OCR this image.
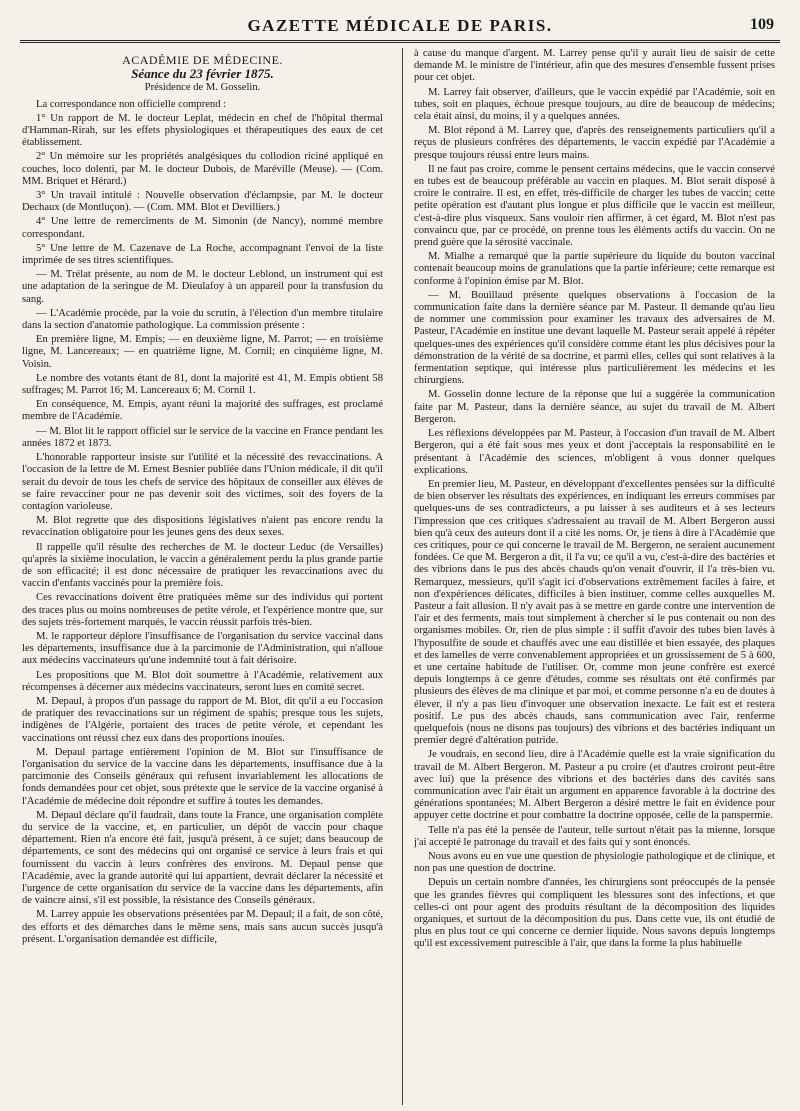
GAZETTE MÉDICALE DE PARIS.	109
ACADÉMIE DE MÉDECINE.
Séance du 23 février 1875.
Présidence de M. Gosselin.

La correspondance non officielle comprend :

1° Un rapport de M. le docteur Leplat, médecin en chef de l'hôpital thermal d'Hamman-Rirah, sur les effets physiologiques et thérapeutiques des eaux de cet établissement.

2° Un mémoire sur les propriétés analgésiques du collodion riciné appliqué en couches, loco dolenti, par M. le docteur Dubois, de Maréville (Meuse). — (Com. MM. Briquet et Hérard.)

3° Un travail intitulé : Nouvelle observation d'éclampsie, par M. le docteur Dechaux (de Montluçon). — (Com. MM. Blot et Devilliers.)

4° Une lettre de remercîments de M. Simonin (de Nancy), nommé membre correspondant.

5° Une lettre de M. Cazenave de La Roche, accompagnant l'envoi de la liste imprimée de ses titres scientifiques.

— M. Trélat présente, au nom de M. le docteur Leblond, un instrument qui est une adaptation de la seringue de M. Dieulafoy à un appareil pour la transfusion du sang.

— L'Académie procède, par la voie du scrutin, à l'élection d'un membre titulaire dans la section d'anatomie pathologique. La commission présente :

En première ligne, M. Empis; — en deuxième ligne, M. Parrot; — en troisième ligne, M. Lancereaux; — en quatrième ligne, M. Cornil; en cinquième ligne, M. Voisin.

Le nombre des votants étant de 81, dont la majorité est 41, M. Empis obtient 58 suffrages; M. Parrot 16; M. Lancereaux 6; M. Cornil 1.

En conséquence, M. Empis, ayant réuni la majorité des suffrages, est proclamé membre de l'Académie.

— M. Blot lit le rapport officiel sur le service de la vaccine en France pendant les années 1872 et 1873.

L'honorable rapporteur insiste sur l'utilité et la nécessité des revaccinations. A l'occasion de la lettre de M. Ernest Besnier publiée dans l'Union médicale, il dit qu'il serait du devoir de tous les chefs de service des hôpitaux de conseiller aux élèves de se faire revacciner pour ne pas devenir soit des victimes, soit des foyers de la contagion varioleuse.

M. Blot regrette que des dispositions législatives n'aient pas encore rendu la revaccination obligatoire pour les jeunes gens des deux sexes.

Il rappelle qu'il résulte des recherches de M. le docteur Leduc (de Versailles) qu'après la sixième inoculation, le vaccin a généralement perdu la plus grande partie de son efficacité; il est donc nécessaire de pratiquer les revaccinations avec du vaccin d'enfants vaccinés pour la première fois.

Ces revaccinations doivent être pratiquées même sur des individus qui portent des traces plus ou moins nombreuses de petite vérole, et l'expérience montre que, sur des sujets très-fortement marqués, le vaccin réussit parfois très-bien.

M. le rapporteur déplore l'insuffisance de l'organisation du service vaccinal dans les départements, insuffisance due à la parcimonie de l'Administration, qui n'alloue aux médecins vaccinateurs qu'une indemnité tout à fait dérisoire.

Les propositions que M. Blot doit soumettre à l'Académie, relativement aux récompenses à décerner aux médecins vaccinateurs, seront lues en comité secret.

M. Depaul, à propos d'un passage du rapport de M. Blot, dit qu'il a eu l'occasion de pratiquer des revaccinations sur un régiment de spahis; presque tous les sujets, indigènes de l'Algérie, portaient des traces de petite vérole, et cependant les vaccinations ont réussi chez eux dans des proportions inouïes.

M. Depaul partage entièrement l'opinion de M. Blot sur l'insuffisance de l'organisation du service de la vaccine dans les départements, insuffisance due à la parcimonie des Conseils généraux qui refusent invariablement les allocations de fonds demandées pour cet objet, sous prétexte que le service de la vaccine organisé à l'Académie de médecine doit répondre et suffire à toutes les demandes.

M. Depaul déclare qu'il faudrait, dans toute la France, une organisation complète du service de la vaccine, et, en particulier, un dépôt de vaccin pour chaque département. Rien n'a encore été fait, jusqu'à présent, à ce sujet; dans beaucoup de départements, ce sont des médecins qui ont organisé ce service à leurs frais et qui fournissent du vaccin à leurs confrères des environs. M. Depaul pense que l'Académie, avec la grande autorité qui lui appartient, devrait déclarer la nécessité et l'urgence de cette organisation du service de la vaccine dans les départements, afin de vaincre ainsi, s'il est possible, la résistance des Conseils généraux.

M. Larrey appuie les observations présentées par M. Depaul; il a fait, de son côté, des efforts et des démarches dans le même sens, mais sans aucun succès jusqu'à présent. L'organisation demandée est difficile,

à cause du manque d'argent. M. Larrey pense qu'il y aurait lieu de saisir de cette demande M. le ministre de l'intérieur, afin que des mesures d'ensemble fussent prises pour cet objet.

M. Larrey fait observer, d'ailleurs, que le vaccin expédié par l'Académie, soit en tubes, soit en plaques, échoue presque toujours, au dire de beaucoup de médecins; cela était ainsi, du moins, il y a quelques années.

M. Blot répond à M. Larrey que, d'après des renseignements particuliers qu'il a reçus de plusieurs confrères des départements, le vaccin expédié par l'Académie a presque toujours réussi entre leurs mains.

Il ne faut pas croire, comme le pensent certains médecins, que le vaccin conservé en tubes est de beaucoup préférable au vaccin en plaques. M. Blot serait disposé à croire le contraire. Il est, en effet, très-difficile de charger les tubes de vaccin; cette petite opération est d'autant plus longue et plus difficile que le vaccin est meilleur, c'est-à-dire plus visqueux. Sans vouloir rien affirmer, à cet égard, M. Blot n'est pas convaincu que, par ce procédé, on prenne tous les éléments actifs du vaccin. On ne prend guère que la sérosité vaccinale.

M. Mialhe a remarqué que la partie supérieure du liquide du bouton vaccinal contenait beaucoup moins de granulations que la partie inférieure; cette remarque est conforme à l'opinion émise par M. Blot.

— M. Bouillaud présente quelques observations à l'occasion de la communication faite dans la dernière séance par M. Pasteur. Il demande qu'au lieu de nommer une commission pour examiner les travaux des adversaires de M. Pasteur, l'Académie en institue une devant laquelle M. Pasteur serait appelé à répéter quelques-unes des expériences qu'il considère comme étant les plus décisives pour la démonstration de la vérité de sa doctrine, et parmi elles, celles qui sont relatives à la fermentation septique, qui intéresse plus particulièrement les médecins et les chirurgiens.

M. Gosselin donne lecture de la réponse que lui a suggérée la communication faite par M. Pasteur, dans la dernière séance, au sujet du travail de M. Albert Bergeron.

Les réflexions développées par M. Pasteur, à l'occasion d'un travail de M. Albert Bergeron, qui a été fait sous mes yeux et dont j'acceptais la responsabilité en le présentant à l'Académie des sciences, m'obligent à vous donner quelques explications.

En premier lieu, M. Pasteur, en développant d'excellentes pensées sur la difficulté de bien observer les résultats des expériences, en indiquant les erreurs commises par quelques-uns de ses contradicteurs, a pu laisser à ses auditeurs et à ses lecteurs l'impression que ces critiques s'adressaient au travail de M. Albert Bergeron aussi bien qu'à ceux des auteurs dont il a cité les noms. Or, je tiens à dire à l'Académie que ces critiques, pour ce qui concerne le travail de M. Bergeron, ne seraient aucunement fondées. Ce que M. Bergeron a dit, il l'a vu; ce qu'il a vu, c'est-à-dire des bactéries et des vibrions dans le pus des abcès chauds qu'on venait d'ouvrir, il l'a très-bien vu. Remarquez, messieurs, qu'il s'agit ici d'observations extrêmement faciles à faire, et non d'expériences délicates, difficiles à bien instituer, comme celles auxquelles M. Pasteur a fait allusion. Il n'y avait pas à se mettre en garde contre une intervention de l'air et des ferments, mais tout simplement à chercher si le pus contenait ou non des organismes mobiles. Or, rien de plus simple : il suffit d'avoir des tubes bien lavés à l'hyposulfite de soude et chauffés avec une eau distillée et bien essayée, des plaques et des lamelles de verre convenablement appropriées et un grossissement de 5 à 600, et une certaine habitude de l'utiliser. Or, comme mon jeune confrère est exercé depuis longtemps à ce genre d'études, comme ses résultats ont été confirmés par plusieurs des élèves de ma clinique et par moi, et comme personne n'a eu de doutes à élever, il n'y a pas lieu d'invoquer une observation inexacte. Le fait est et restera positif. Le pus des abcès chauds, sans communication avec l'air, renferme quelquefois (nous ne disons pas toujours) des vibrions et des bactéries indiquant un premier degré d'altération putride.

Je voudrais, en second lieu, dire à l'Académie quelle est la vraie signification du travail de M. Albert Bergeron. M. Pasteur a pu croire (et d'autres croiront peut-être avec lui) que la présence des vibrions et des bactéries dans des cavités sans communication avec l'air était un argument en apparence favorable à la doctrine des générations spontanées; M. Albert Bergeron a désiré mettre le fait en évidence pour appuyer cette doctrine et pour combattre la doctrine opposée, celle de la panspermie.

Telle n'a pas été la pensée de l'auteur, telle surtout n'était pas la mienne, lorsque j'ai accepté le patronage du travail et des faits qui y sont énoncés.

Nous avons eu en vue une question de physiologie pathologique et de clinique, et non pas une question de doctrine.

Depuis un certain nombre d'années, les chirurgiens sont préoccupés de la pensée que les grandes fièvres qui compliquent les blessures sont des infections, et que celles-ci ont pour agent des produits résultant de la décomposition des liquides organiques, et surtout de la décomposition du pus. Dans cette vue, ils ont étudié de plus en plus tout ce qui concerne ce dernier liquide. Nous savons depuis longtemps qu'il est excessivement putrescible à l'air, que dans la forme la plus habituelle
